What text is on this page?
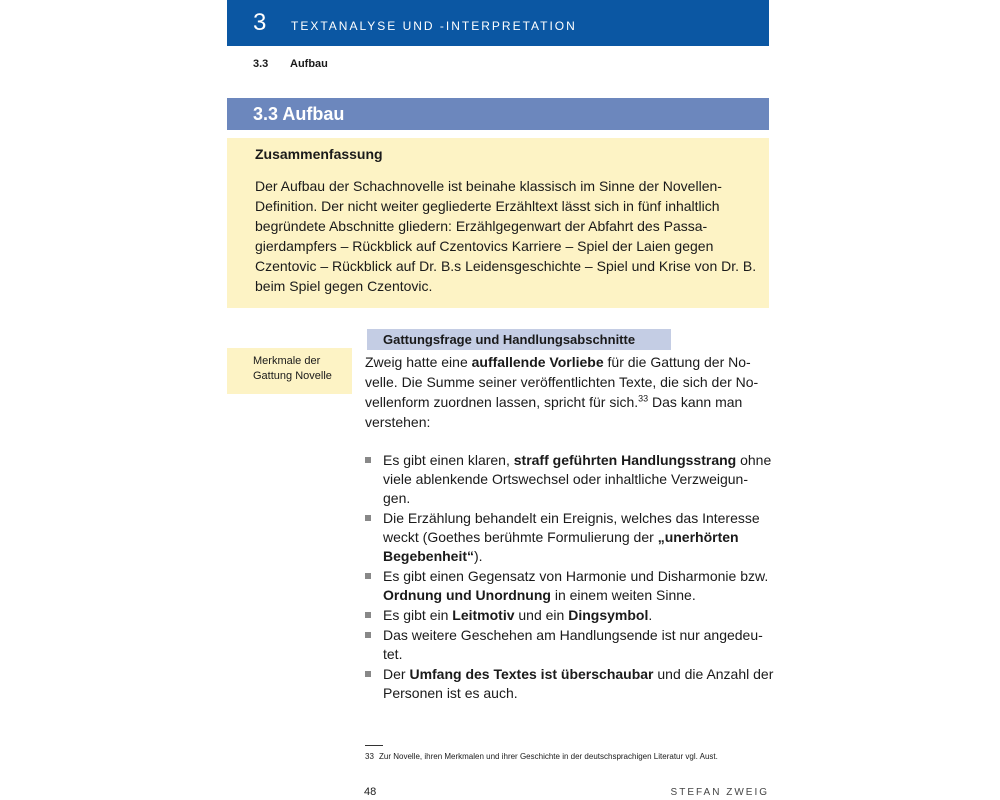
3 TEXTANALYSE UND -INTERPRETATION
3.3 Aufbau
3.3 Aufbau
Zusammenfassung
Der Aufbau der Schachnovelle ist beinahe klassisch im Sinne der Novellen-
Definition. Der nicht weiter gegliederte Erzähltext lässt sich in fünf inhaltlich
begründete Abschnitte gliedern: Erzählgegenwart der Abfahrt des Passa-
gierdampfers – Rückblick auf Czentovics Karriere – Spiel der Laien gegen
Czentovic – Rückblick auf Dr. B.s Leidensgeschichte – Spiel und Krise von Dr. B.
beim Spiel gegen Czentovic.
Gattungsfrage und Handlungsabschnitte
Merkmale der Gattung Novelle
Zweig hatte eine auffallende Vorliebe für die Gattung der No-
velle. Die Summe seiner veröffentlichten Texte, die sich der No-
vellenform zuordnen lassen, spricht für sich.$^{33}$ Das kann man
verstehen:
Es gibt einen klaren, straff geführten Handlungsstrang ohne viele ablenkende Ortswechsel oder inhaltliche Verzweigun-gen.
Die Erzählung behandelt ein Ereignis, welches das Interesse weckt (Goethes berühmte Formulierung der „unerhörten Begebenheit“).
Es gibt einen Gegensatz von Harmonie und Disharmonie bzw. Ordnung und Unordnung in einem weiten Sinne.
Es gibt ein Leitmotiv und ein Dingsymbol.
Das weitere Geschehen am Handlungsende ist nur angedeu-tet.
Der Umfang des Textes ist überschaubar und die Anzahl der Personen ist es auch.
33 Zur Novelle, ihren Merkmalen und ihrer Geschichte in der deutschsprachigen Literatur vgl. Aust.
48	STEFAN ZWEIG
